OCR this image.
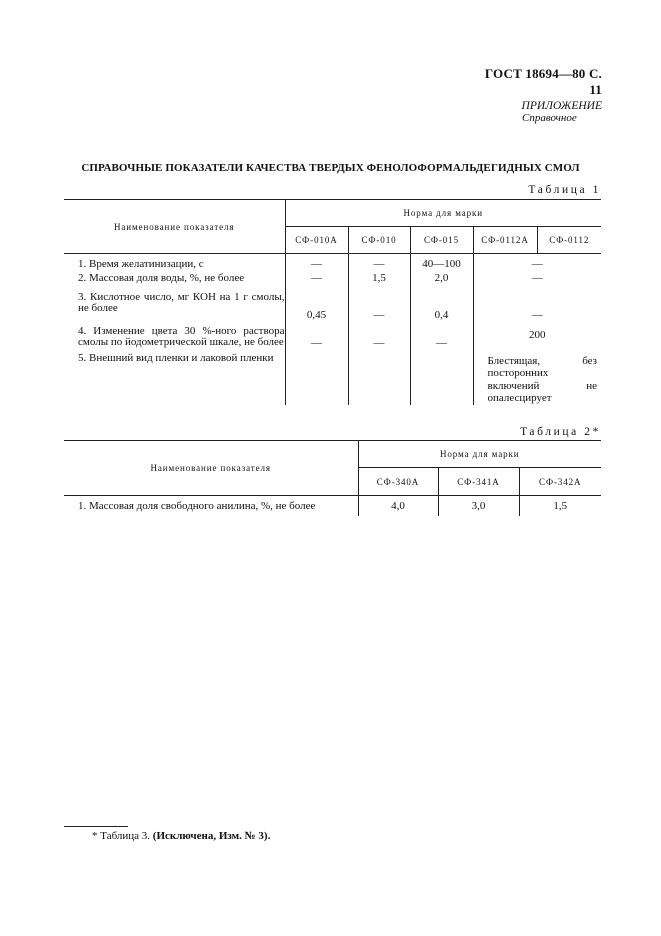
ГОСТ 18694—80 С. 11
ПРИЛОЖЕНИЕ

Справочное
СПРАВОЧНЫЕ ПОКАЗАТЕЛИ КАЧЕСТВА ТВЕРДЫХ ФЕНОЛОФОРМАЛЬДЕГИДНЫХ СМОЛ
Таблица 1
Наименование показателя	Норма для марки				
	СФ-010А	СФ-010	СФ-015	СФ-0112А	СФ-0112
1. Время желатинизации, с	—	—	40—100	—	
2. Массовая доля воды, %, не более	—	1,5	2,0	—	
3. Кислотное число, мг КОН на 1 г смолы, не более	0,45	—	0,4	—	
4. Изменение цвета 30 %-ного раствора смолы по йодометрической шкале, не более	—	—	—	200	
5. Внешний вид пленки и лаковой пленки				Блестящая, без посторонних включений не опалесцирует	
Таблица 2*
Наименование показателя	Норма для марки		
	СФ-340А	СФ-341А	СФ-342А
1. Массовая доля свободного анилина, %, не более	4,0	3,0	1,5
* Таблица 3. (Исключена, Изм. № 3).
